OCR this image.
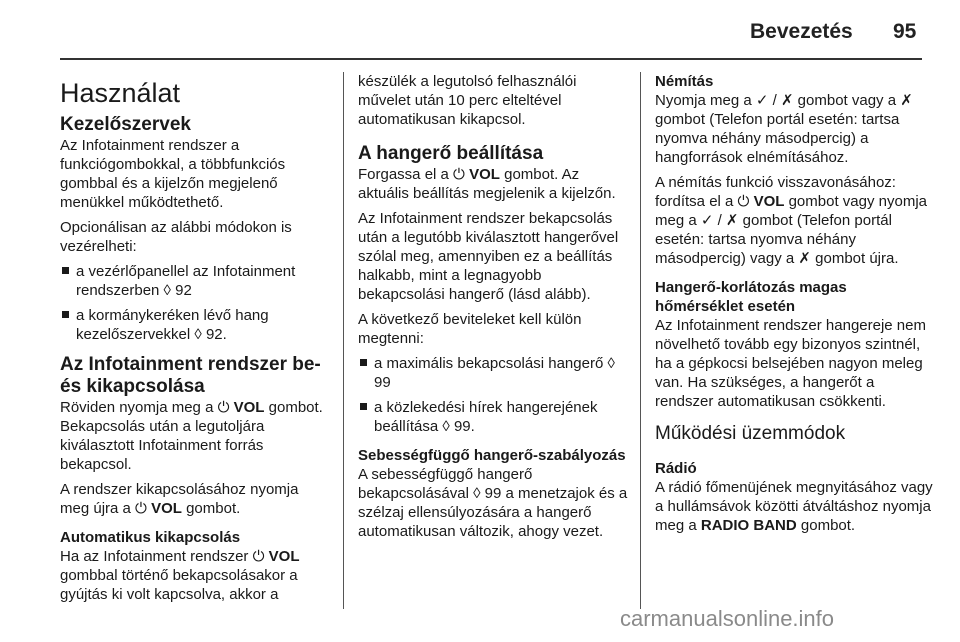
Bevezetés 95
Használat
Kezelőszervek

Az Infotainment rendszer a funkciógombokkal, a többfunkciós gombbal és a kijelzőn megjelenő menükkel működtethető.

Opcionálisan az alábbi módokon is vezérelheti:

a vezérlőpanellel az Infotainment rendszerben ◊ 92
a kormánykeréken lévő hang kezelőszervekkel ◊ 92.
Az Infotainment rendszer be- és kikapcsolása

Röviden nyomja meg a ⏻ VOL gombot. Bekapcsolás után a legutoljára kiválasztott Infotainment forrás bekapcsol.

A rendszer kikapcsolásához nyomja meg újra a ⏻ VOL gombot.

Automatikus kikapcsolás

Ha az Infotainment rendszer ⏻ VOL gombbal történő bekapcsolásakor a gyújtás ki volt kapcsolva, akkor a

készülék a legutolsó felhasználói művelet után 10 perc elteltével automatikusan kikapcsol.

A hangerő beállítása

Forgassa el a ⏻ VOL gombot. Az aktuális beállítás megjelenik a kijelzőn.

Az Infotainment rendszer bekapcsolás után a legutóbb kiválasztott hangerővel szólal meg, amennyiben ez a beállítás halkabb, mint a legnagyobb bekapcsolási hangerő (lásd alább).

A következő beviteleket kell külön megtenni:

a maximális bekapcsolási hangerő ◊ 99
a közlekedési hírek hangerejének beállítása ◊ 99.
Sebességfüggő hangerő-szabályozás

A sebességfüggő hangerő bekapcsolásával ◊ 99 a menetzajok és a szélzaj ellensúlyozására a hangerő automatikusan változik, ahogy vezet.

Némítás

Nyomja meg a ✓ / ✗ gombot vagy a ✗ gombot (Telefon portál esetén: tartsa nyomva néhány másodpercig) a hangforrások elnémításához.

A némítás funkció visszavonásához: fordítsa el a ⏻ VOL gombot vagy nyomja meg a ✓ / ✗ gombot (Telefon portál esetén: tartsa nyomva néhány másodpercig) vagy a ✗ gombot újra.

Hangerő-korlátozás magas hőmérséklet esetén

Az Infotainment rendszer hangereje nem növelhető tovább egy bizonyos szintnél, ha a gépkocsi belsejében nagyon meleg van. Ha szükséges, a hangerőt a rendszer automatikusan csökkenti.

Működési üzemmódok
Rádió

A rádió főmenüjének megnyitásához vagy a hullámsávok közötti átváltáshoz nyomja meg a RADIO BAND gombot.

carmanualsonline.info
